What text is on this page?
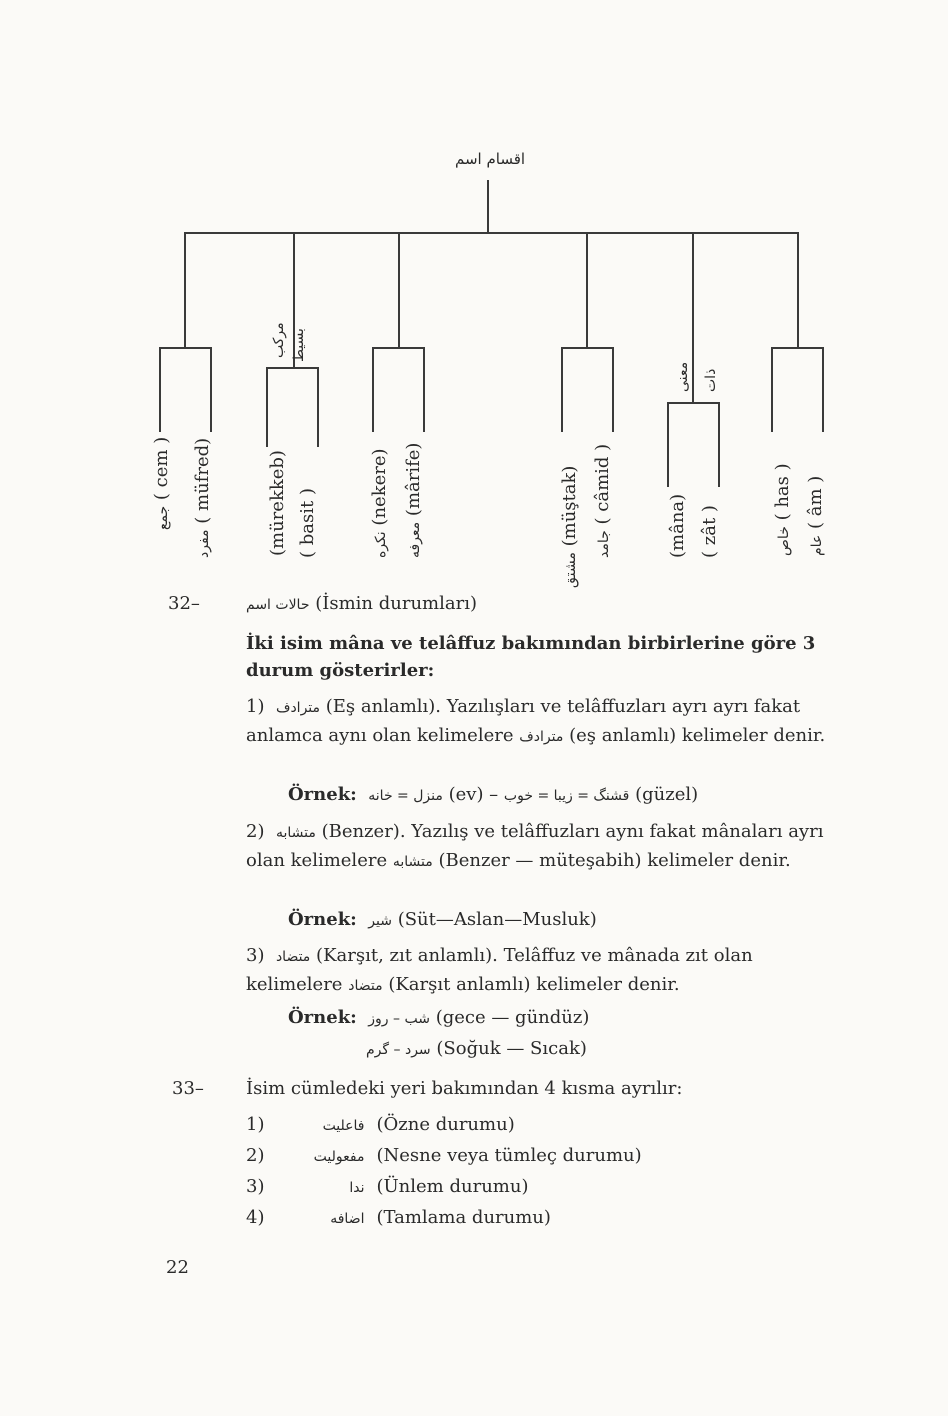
اقسام اسم
مفرد ( müfred)
جمع ( cem )
مركب بسيط
( basit )
(mürekkeb)	معرفه (mârife)
نكره (nekere)
جامد ( câmid )
مشتق (müştak)
ذات
معنى
( zât )
(mâna)	عام ( âm )
خاص ( has )
32–	حالات اسم (İsmin durumları)
İki isim mâna ve telâffuz bakımından birbirlerine göre 3 durum gösterirler:
1) مترادف (Eş anlamlı). Yazılışları ve telâffuzları ayrı ayrı fakat anlamca aynı olan kelimelere مترادف (eş anlamlı) kelimeler denir.
Örnek: منزل = خانه (ev) – قشنگ = زيبا = خوب (güzel)
2) متشابه (Benzer). Yazılış ve telâffuzları aynı fakat mânaları ayrı olan kelimelere متشابه (Benzer — müteşabih) kelimeler denir.
Örnek: شير (Süt—Aslan—Musluk)
3) متضاد (Karşıt, zıt anlamlı). Telâffuz ve mânada zıt olan kelimelere متضاد (Karşıt anlamlı) kelimeler denir.
Örnek: شب – روز (gece — gündüz)
سرد – گرم (Soğuk — Sıcak)
33– İsim cümledeki yeri bakımından 4 kısma ayrılır:
1)	فاعليت (Özne durumu)
2)	مفعوليت (Nesne veya tümleç durumu)
3)	ندا (Ünlem durumu)
4)	اضافه (Tamlama durumu)
22
